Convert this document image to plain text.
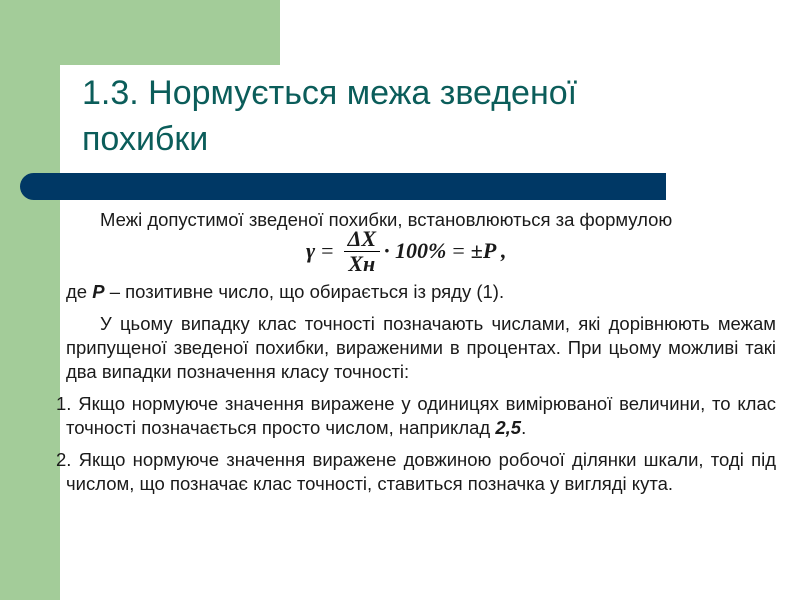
1.3. Нормується межа зведеної похибки

Межі допустимої зведеної похибки, встановлюються за формулою

$\gamma = \frac{\Delta X}{Xн} \cdot 100\% = \pm P$ ,

де P – позитивне число, що обирається із ряду (1).

У цьому випадку клас точності позначають числами, які дорівнюють межам припущеної зведеної похибки, вираженими в процентах. При цьому можливі такі два випадки позначення класу точності:

1. Якщо нормуюче значення виражене у одиницях вимірюваної величини, то клас точності позначається просто числом, наприклад 2,5.

2. Якщо нормуюче значення виражене довжиною робочої ділянки шкали, тоді під числом, що позначає клас точності, ставиться позначка у вигляді кута.
